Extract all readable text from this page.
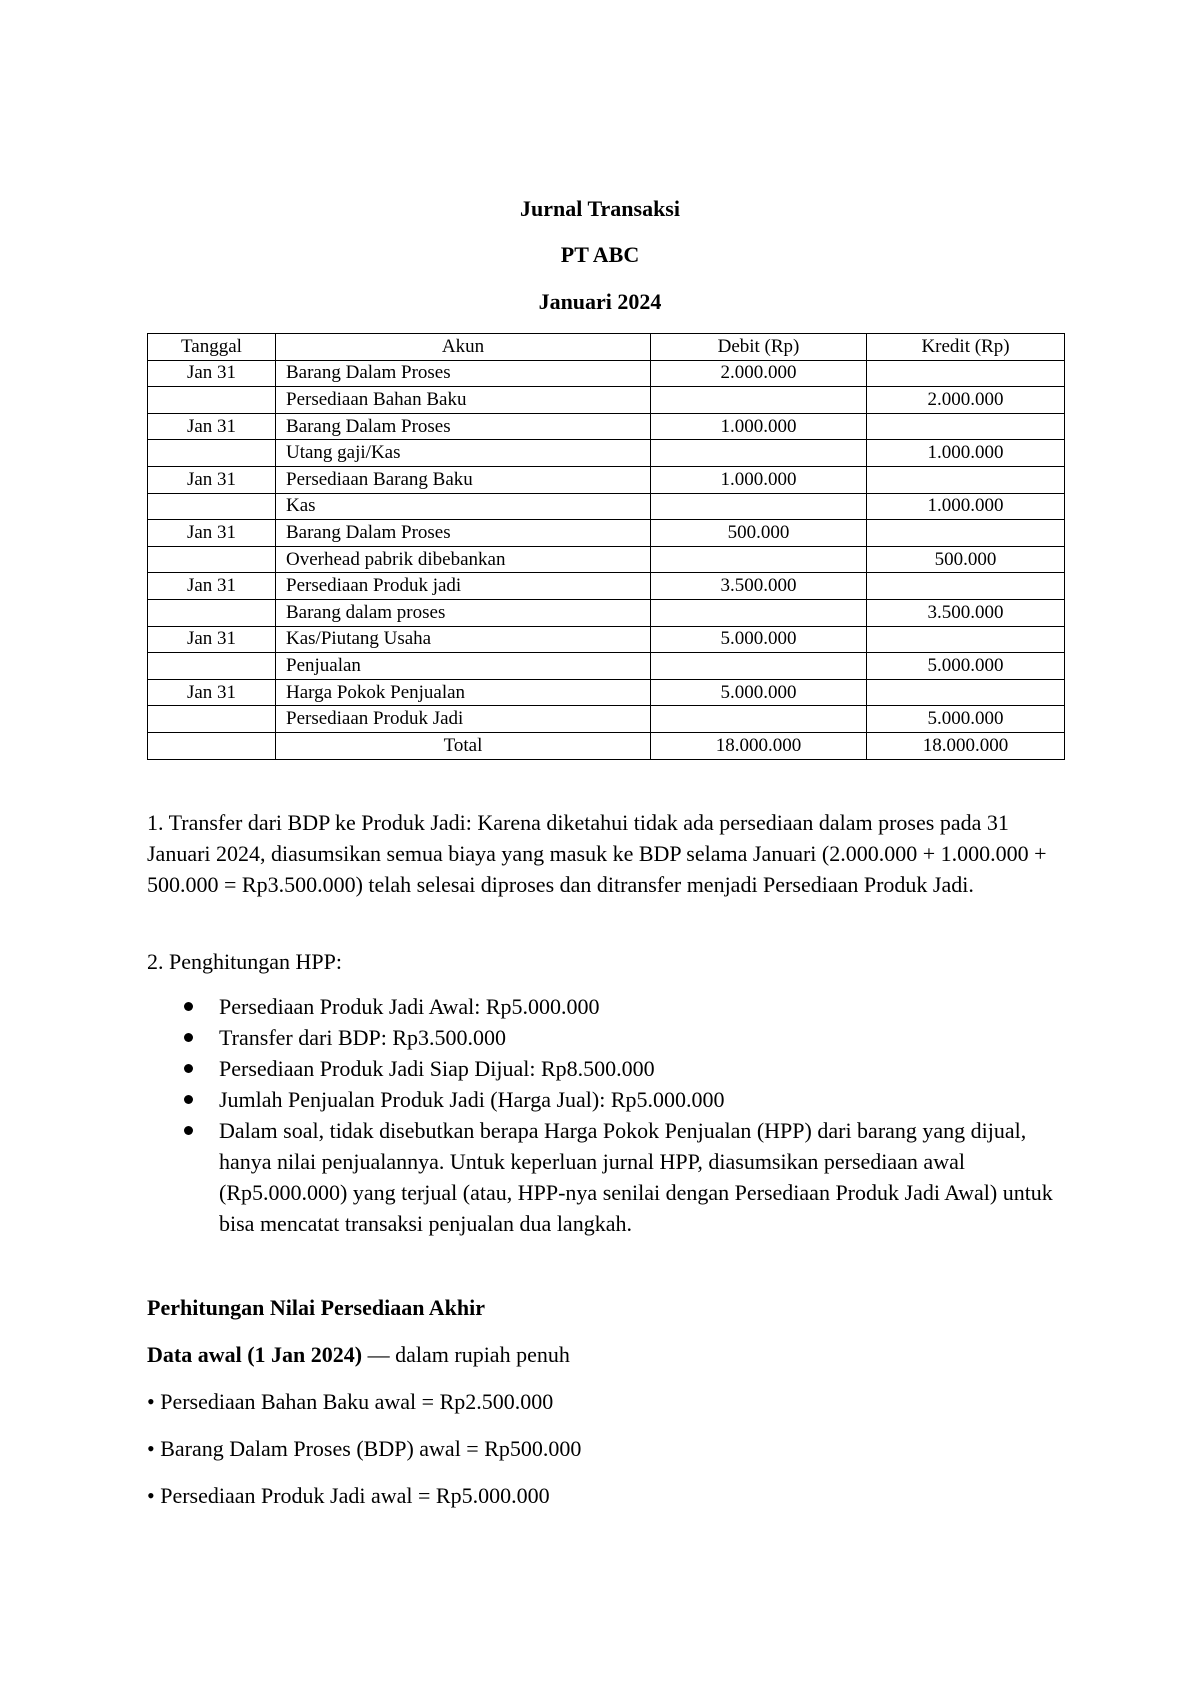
Jurnal Transaksi
PT ABC
Januari 2024
Tanggal	Akun	Debit (Rp)	Kredit (Rp)
Jan 31	Barang Dalam Proses	2.000.000	
	Persediaan Bahan Baku		2.000.000
Jan 31	Barang Dalam Proses	1.000.000	
	Utang gaji/Kas		1.000.000
Jan 31	Persediaan Barang Baku	1.000.000	
	Kas		1.000.000
Jan 31	Barang Dalam Proses	500.000	
	Overhead pabrik dibebankan		500.000
Jan 31	Persediaan Produk jadi	3.500.000	
	Barang dalam proses		3.500.000
Jan 31	Kas/Piutang Usaha	5.000.000	
	Penjualan		5.000.000
Jan 31	Harga Pokok Penjualan	5.000.000	
	Persediaan Produk Jadi		5.000.000
	Total	18.000.000	18.000.000
1. Transfer dari BDP ke Produk Jadi: Karena diketahui tidak ada persediaan dalam proses pada 31 Januari 2024, diasumsikan semua biaya yang masuk ke BDP selama Januari (2.000.000 + 1.000.000 + 500.000 = Rp3.500.000) telah selesai diproses dan ditransfer menjadi Persediaan Produk Jadi.
2. Penghitungan HPP:
Persediaan Produk Jadi Awal: Rp5.000.000
Transfer dari BDP: Rp3.500.000
Persediaan Produk Jadi Siap Dijual: Rp8.500.000
Jumlah Penjualan Produk Jadi (Harga Jual): Rp5.000.000
Dalam soal, tidak disebutkan berapa Harga Pokok Penjualan (HPP) dari barang yang dijual, hanya nilai penjualannya. Untuk keperluan jurnal HPP, diasumsikan persediaan awal (Rp5.000.000) yang terjual (atau, HPP-nya senilai dengan Persediaan Produk Jadi Awal) untuk bisa mencatat transaksi penjualan dua langkah.
Perhitungan Nilai Persediaan Akhir
Data awal (1 Jan 2024) — dalam rupiah penuh
• Persediaan Bahan Baku awal = Rp2.500.000
• Barang Dalam Proses (BDP) awal = Rp500.000
• Persediaan Produk Jadi awal = Rp5.000.000
